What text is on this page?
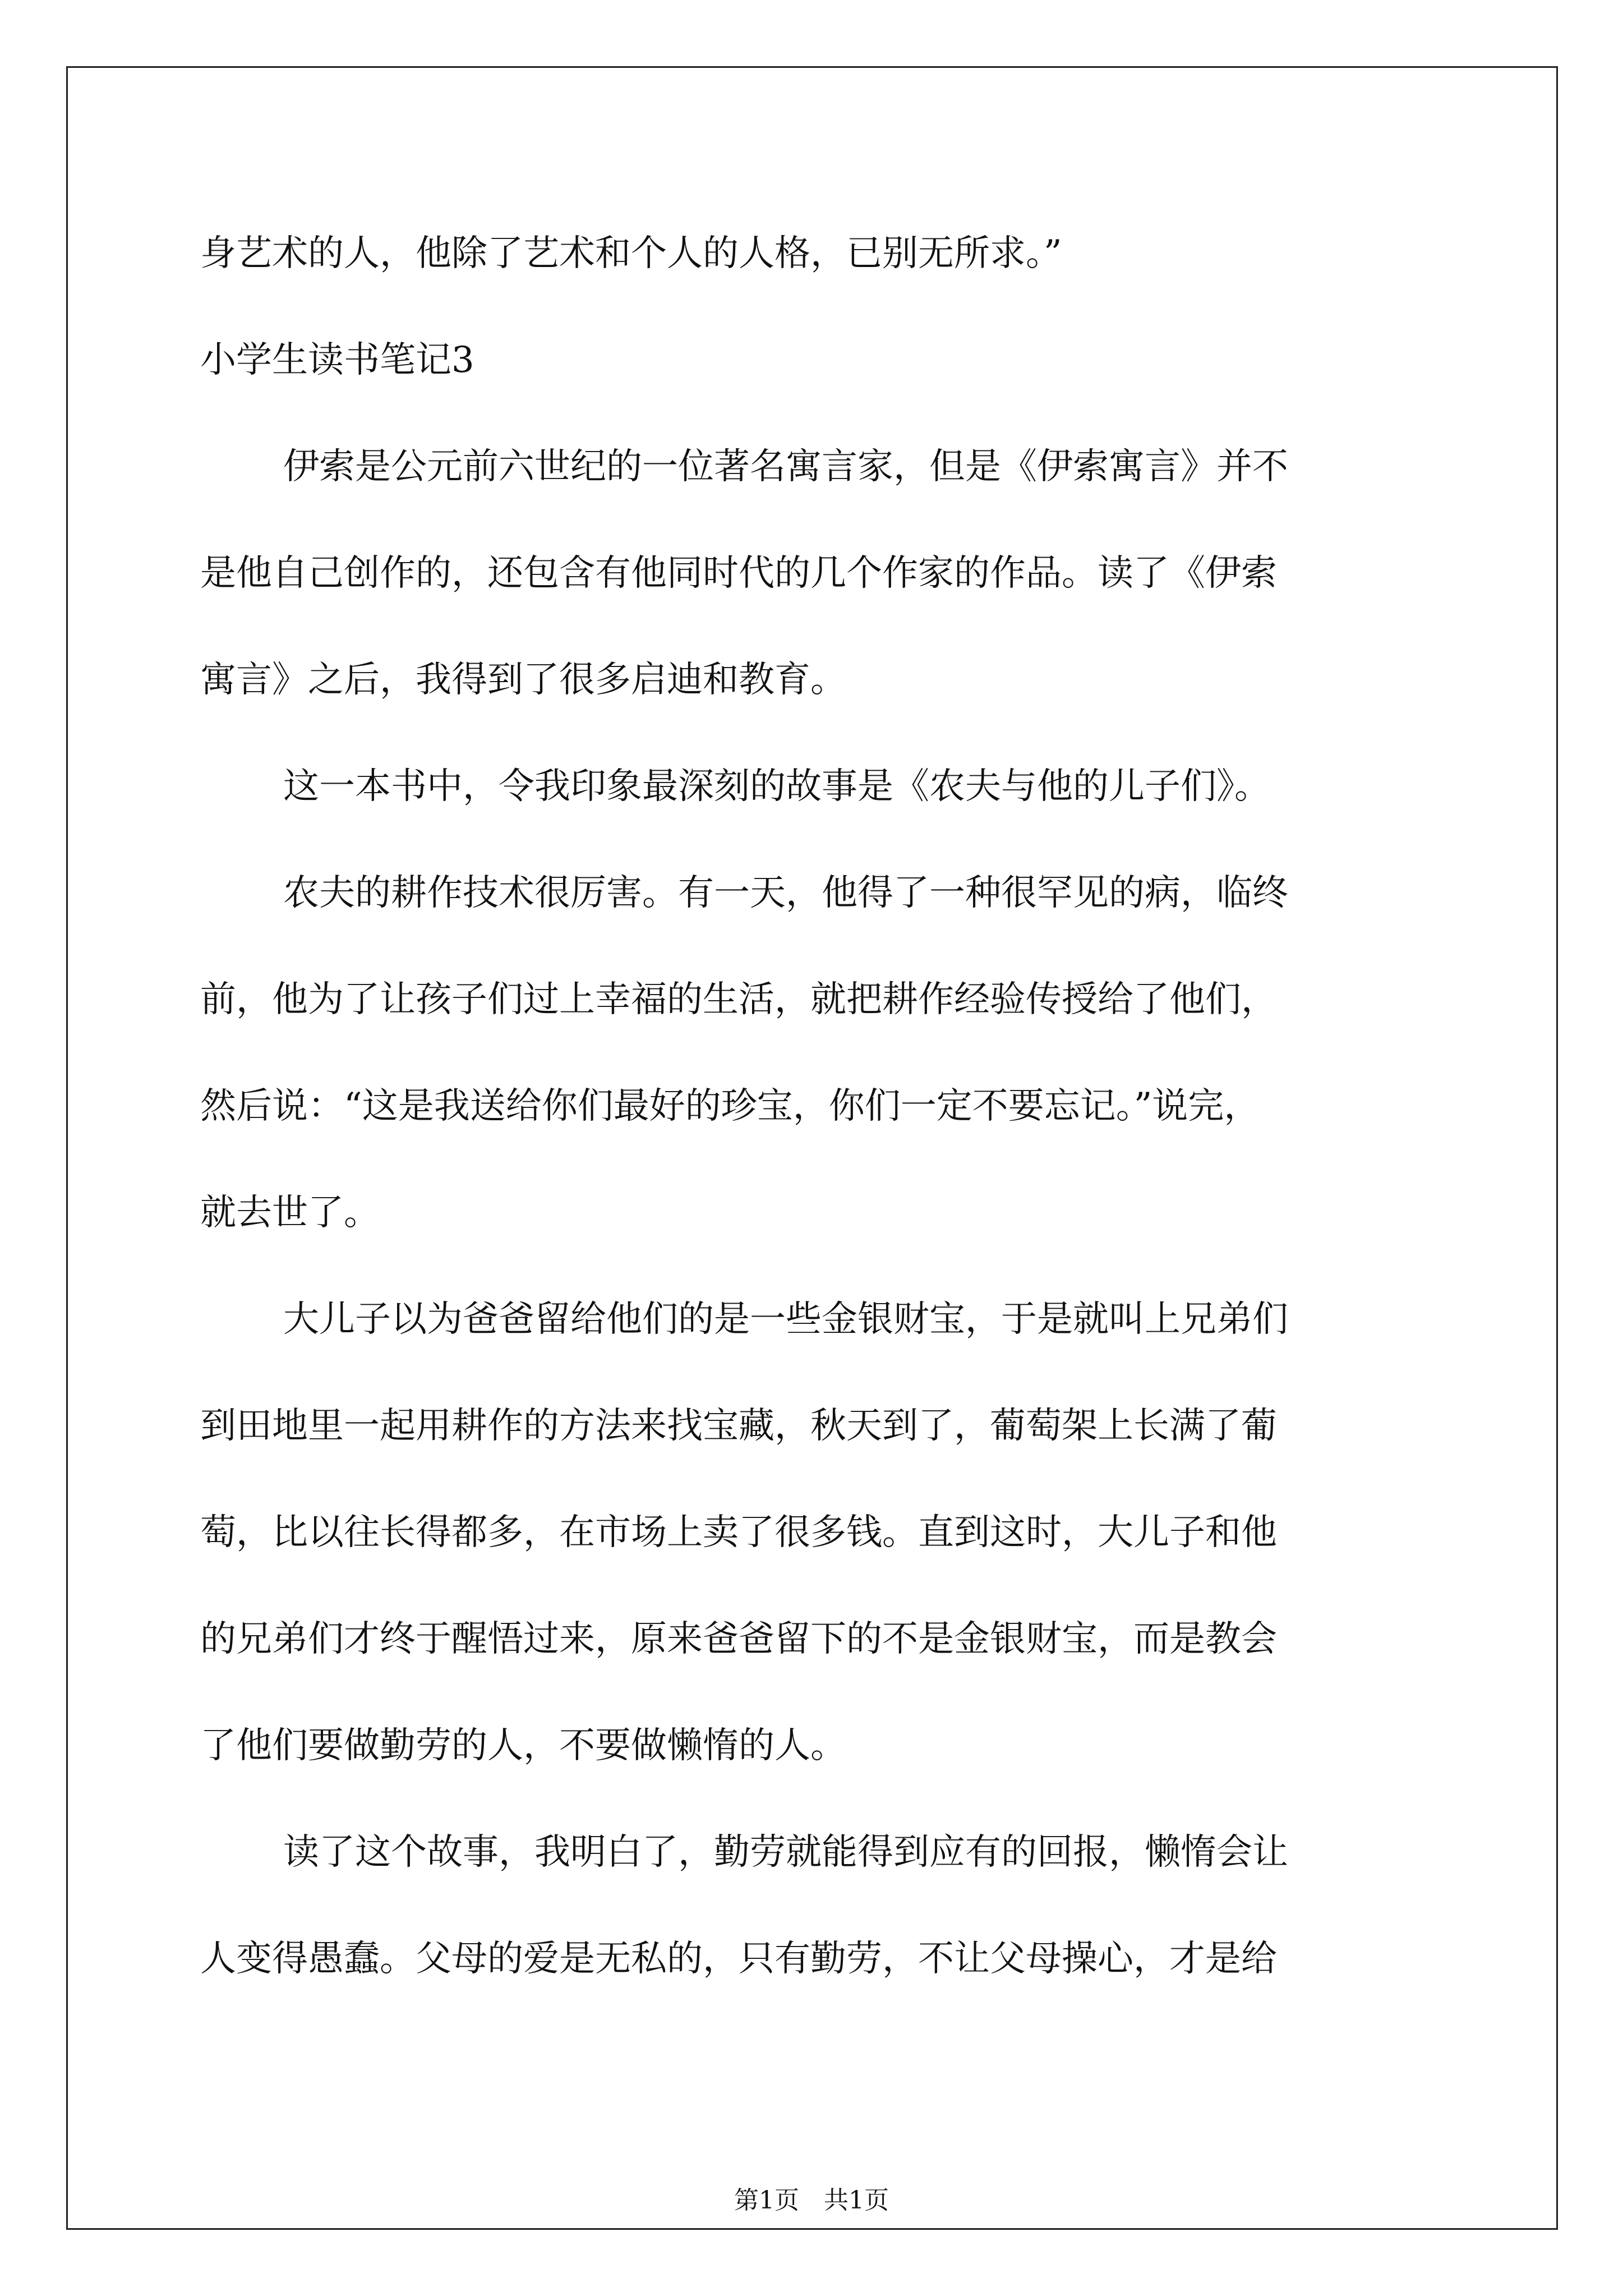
身艺术的人，他除了艺术和个人的人格，已别无所求。”
小学生读书笔记3
伊索是公元前六世纪的一位著名寓言家，但是《伊索寓言》并不
是他自己创作的，还包含有他同时代的几个作家的作品。读了《伊索
寓言》之后，我得到了很多启迪和教育。
这一本书中，令我印象最深刻的故事是《农夫与他的儿子们》。
农夫的耕作技术很厉害。有一天，他得了一种很罕见的病，临终
前，他为了让孩子们过上幸福的生活，就把耕作经验传授给了他们，
然后说：“这是我送给你们最好的珍宝，你们一定不要忘记。”说完，
就去世了。
大儿子以为爸爸留给他们的是一些金银财宝，于是就叫上兄弟们
到田地里一起用耕作的方法来找宝藏，秋天到了，葡萄架上长满了葡
萄，比以往长得都多，在市场上卖了很多钱。直到这时，大儿子和他
的兄弟们才终于醒悟过来，原来爸爸留下的不是金银财宝，而是教会
了他们要做勤劳的人，不要做懒惰的人。
读了这个故事，我明白了，勤劳就能得到应有的回报，懒惰会让
人变得愚蠢。父母的爱是无私的，只有勤劳，不让父母操心，才是给
第1页　共1页
